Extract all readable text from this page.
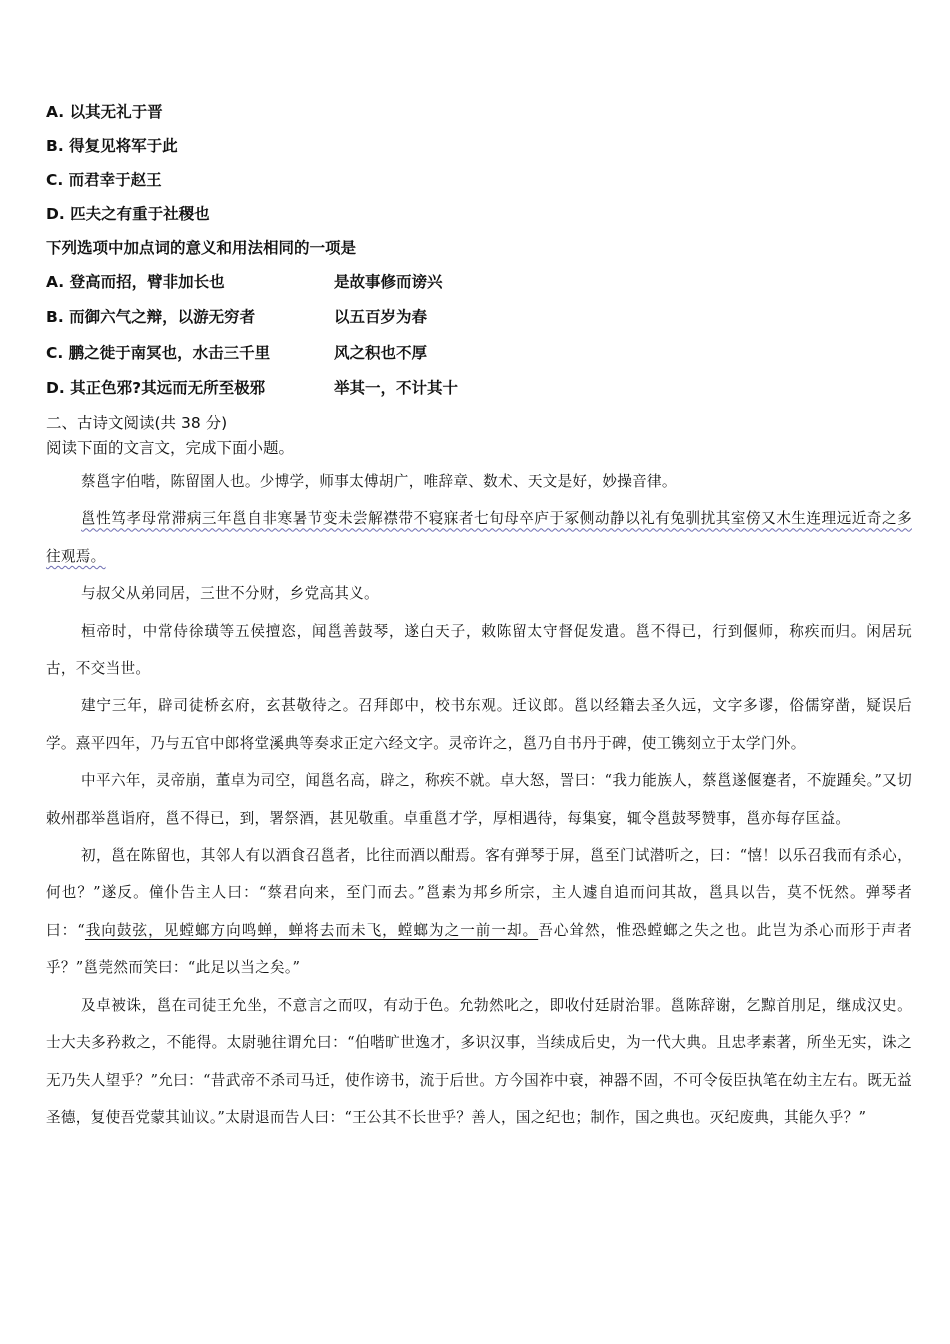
A. 以其无礼于晋
B. 得复见将军于此
C. 而君幸于赵王
D. 匹夫之有重于社稷也
下列选项中加点词的意义和用法相同的一项是
A. 登高而招，臂非加长也	是故事修而谤兴
B. 而御六气之辩，以游无穷者	以五百岁为春
C. 鹏之徙于南冥也，水击三千里	风之积也不厚
D. 其正色邪?其远而无所至极邪	举其一，不计其十
二、古诗文阅读(共 38 分)
阅读下面的文言文，完成下面小题。

蔡邕字伯喈，陈留圉人也。少博学，师事太傅胡广，唯辞章、数术、天文是好，妙操音律。

邕性笃孝母常滞病三年邕自非寒暑节变未尝解襟带不寝寐者七旬母卒庐于冢侧动静以礼有兔驯扰其室傍又木生连理远近奇之多往观焉。

与叔父从弟同居，三世不分财，乡党高其义。

桓帝时，中常侍徐璜等五侯擅恣，闻邕善鼓琴，遂白天子，敕陈留太守督促发遣。邕不得已，行到偃师，称疾而归。闲居玩古，不交当世。

建宁三年，辟司徒桥玄府，玄甚敬待之。召拜郎中，校书东观。迁议郎。邕以经籍去圣久远，文字多谬，俗儒穿凿，疑误后学。熹平四年，乃与五官中郎将堂溪典等奏求正定六经文字。灵帝许之，邕乃自书丹于碑，使工镌刻立于太学门外。

中平六年，灵帝崩，董卓为司空，闻邕名高，辟之，称疾不就。卓大怒，詈曰：“我力能族人，蔡邕遂偃蹇者，不旋踵矣。”又切敕州郡举邕诣府，邕不得已，到，署祭酒，甚见敬重。卓重邕才学，厚相遇待，每集宴，辄令邕鼓琴赞事，邕亦每存匡益。

初，邕在陈留也，其邻人有以酒食召邕者，比往而酒以酣焉。客有弹琴于屏，邕至门试潜听之，曰：“憘！以乐召我而有杀心，何也？”遂反。僮仆告主人曰：“蔡君向来，至门而去。”邕素为邦乡所宗，主人遽自追而问其故，邕具以告，莫不怃然。弹琴者曰：“我向鼓弦，见螳螂方向鸣蝉，蝉将去而未飞，螳螂为之一前一却。吾心耸然，惟恐螳螂之失之也。此岂为杀心而形于声者乎？”邕莞然而笑曰：“此足以当之矣。”

及卓被诛，邕在司徒王允坐，不意言之而叹，有动于色。允勃然叱之，即收付廷尉治罪。邕陈辞谢，乞黥首刖足，继成汉史。士大夫多矜救之，不能得。太尉驰往谓允曰：“伯喈旷世逸才，多识汉事，当续成后史，为一代大典。且忠孝素著，所坐无实，诛之无乃失人望乎？”允曰：“昔武帝不杀司马迁，使作谤书，流于后世。方今国祚中衰，神器不固，不可令佞臣执笔在幼主左右。既无益圣德，复使吾党蒙其讪议。”太尉退而告人曰：“王公其不长世乎？善人，国之纪也；制作，国之典也。灭纪废典，其能久乎？”
